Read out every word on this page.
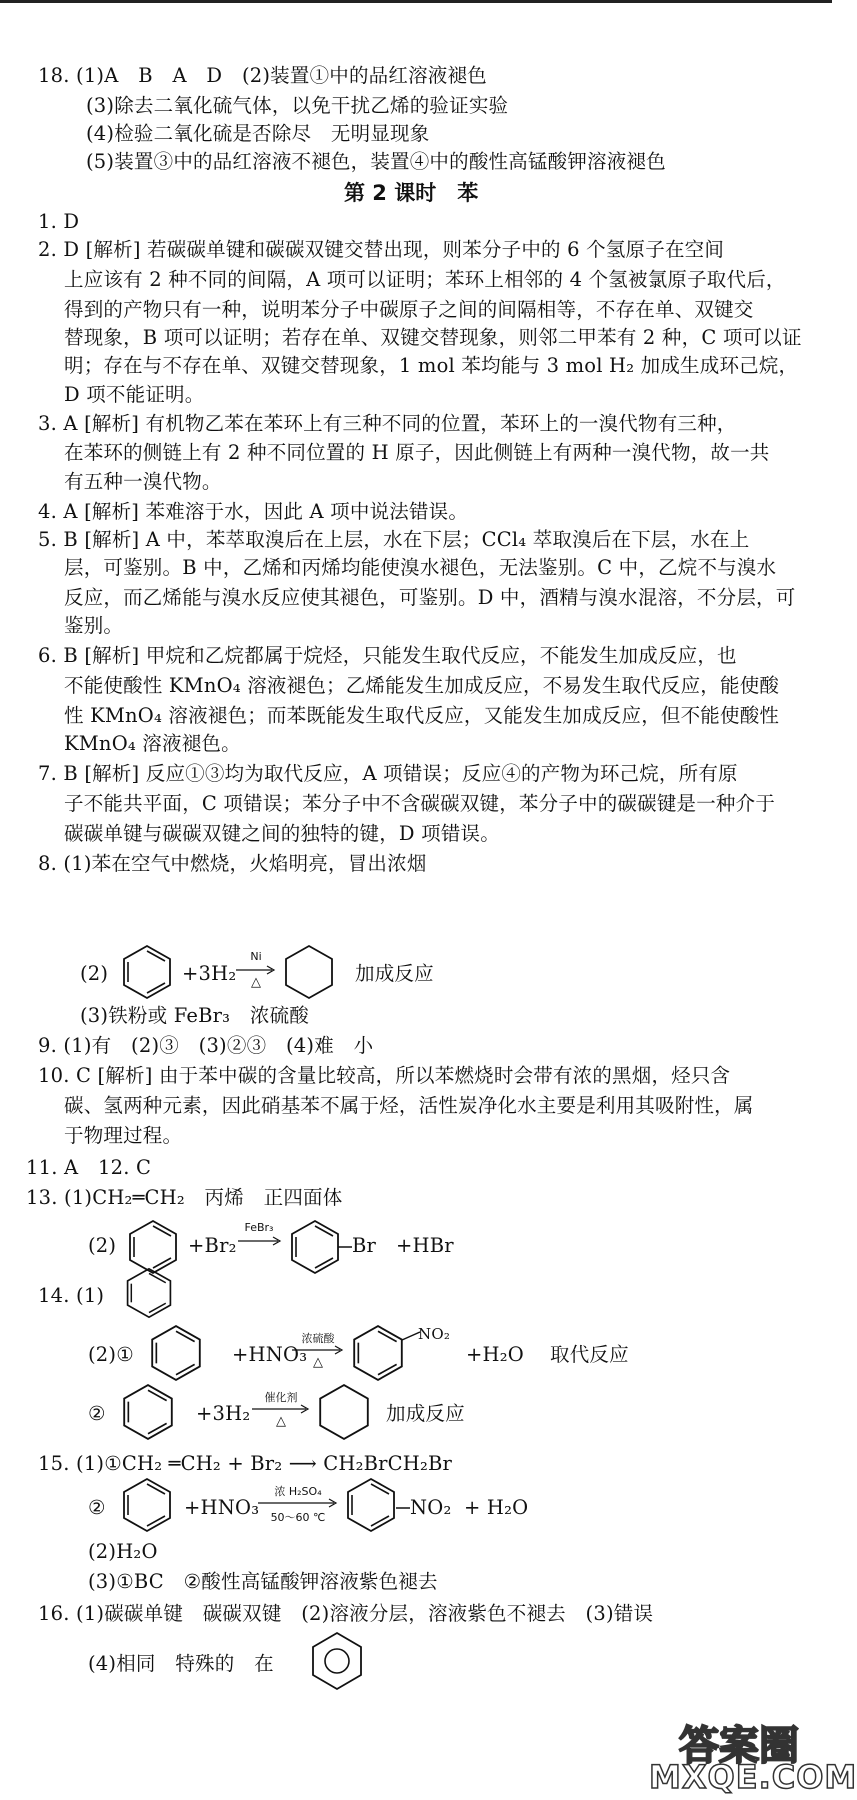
18. (1)A　B　A　D　(2)装置①中的品红溶液褪色
(3)除去二氧化硫气体，以免干扰乙烯的验证实验
(4)检验二氧化硫是否除尽　无明显现象
(5)装置③中的品红溶液不褪色，装置④中的酸性高锰酸钾溶液褪色
第 2 课时　苯
1. D
2. D [解析] 若碳碳单键和碳碳双键交替出现，则苯分子中的 6 个氢原子在空间
上应该有 2 种不同的间隔，A 项可以证明；苯环上相邻的 4 个氢被氯原子取代后，
得到的产物只有一种，说明苯分子中碳原子之间的间隔相等，不存在单、双键交
替现象，B 项可以证明；若存在单、双键交替现象，则邻二甲苯有 2 种，C 项可以证
明；存在与不存在单、双键交替现象，1 mol 苯均能与 3 mol H₂ 加成生成环己烷，
D 项不能证明。
3. A [解析] 有机物乙苯在苯环上有三种不同的位置，苯环上的一溴代物有三种，
在苯环的侧链上有 2 种不同位置的 H 原子，因此侧链上有两种一溴代物，故一共
有五种一溴代物。
4. A [解析] 苯难溶于水，因此 A 项中说法错误。
5. B [解析] A 中，苯萃取溴后在上层，水在下层；CCl₄ 萃取溴后在下层，水在上
层，可鉴别。B 中，乙烯和丙烯均能使溴水褪色，无法鉴别。C 中，乙烷不与溴水
反应，而乙烯能与溴水反应使其褪色，可鉴别。D 中，酒精与溴水混溶，不分层，可
鉴别。
6. B [解析] 甲烷和乙烷都属于烷烃，只能发生取代反应，不能发生加成反应，也
不能使酸性 KMnO₄ 溶液褪色；乙烯能发生加成反应，不易发生取代反应，能使酸
性 KMnO₄ 溶液褪色；而苯既能发生取代反应，又能发生加成反应，但不能使酸性
KMnO₄ 溶液褪色。
7. B [解析] 反应①③均为取代反应，A 项错误；反应④的产物为环己烷，所有原
子不能共平面，C 项错误；苯分子中不含碳碳双键，苯分子中的碳碳键是一种介于
碳碳单键与碳碳双键之间的独特的键，D 项错误。
8. (1)苯在空气中燃烧，火焰明亮，冒出浓烟
(2)	+3H₂
Ni
△	加成反应
(3)铁粉或 FeBr₃　浓硫酸
9. (1)有　(2)③　(3)②③　(4)难　小
10. C [解析] 由于苯中碳的含量比较高，所以苯燃烧时会带有浓的黑烟，烃只含
碳、氢两种元素，因此硝基苯不属于烃，活性炭净化水主要是利用其吸附性，属
于物理过程。
11. A　12. C
13. (1)CH₂═CH₂　丙烯　正四面体
(2)	+Br₂
FeBr₃
Br +HBr
14. (1)
(2)①	+HNO₃
浓硫酸
△
NO₂
+H₂O 取代反应
②	+3H₂
催化剂
△	加成反应
15. (1)①CH₂ ═CH₂ + Br₂ ⟶ CH₂BrCH₂Br
②	+HNO₃
浓 H₂SO₄
50～60 ℃	NO₂ + H₂O
(2)H₂O
(3)①BC　②酸性高锰酸钾溶液紫色褪去
16. (1)碳碳单键　碳碳双键　(2)溶液分层，溶液紫色不褪去　(3)错误
(4)相同　特殊的　在
答案圈
MXQE.COM
